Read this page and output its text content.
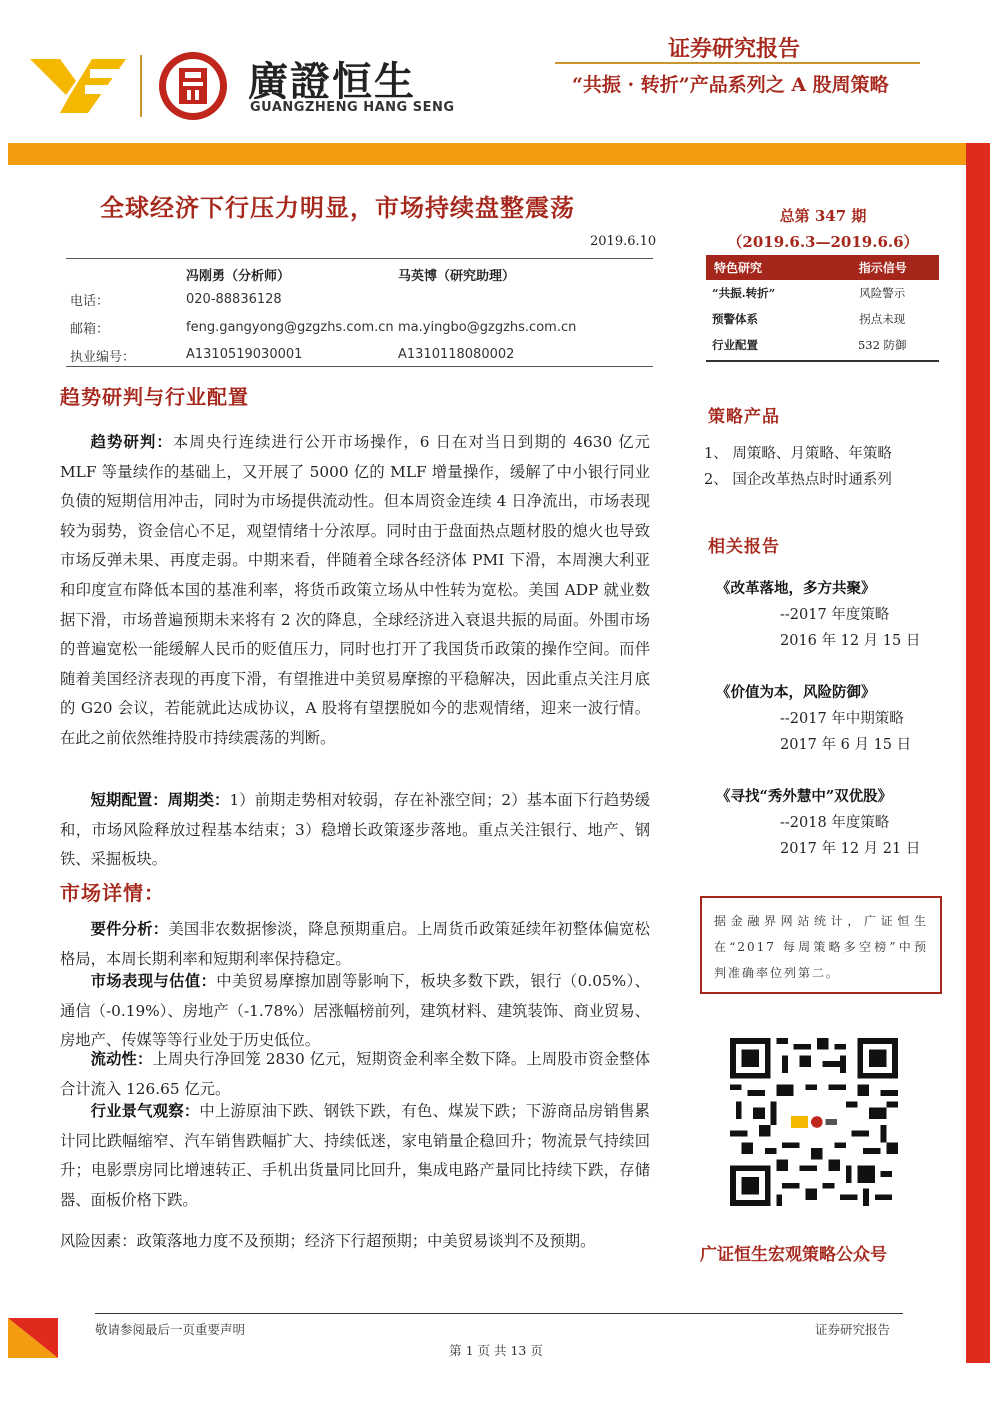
廣證恒生
GUANGZHENG HANG SENG
证券研究报告
“共振 · 转折”产品系列之 A 股周策略
全球经济下行压力明显，市场持续盘整震荡
2019.6.10
冯刚勇（分析师）	马英博（研究助理）
电话：	020-88836128
邮箱：	feng.gangyong@gzgzhs.com.cn ma.yingbo@gzgzhs.com.cn
执业编号：	A1310519030001	A1310118080002
趋势研判与行业配置
趋势研判：本周央行连续进行公开市场操作，6 日在对当日到期的 4630 亿元 MLF 等量续作的基础上，又开展了 5000 亿的 MLF 增量操作，缓解了中小银行同业负债的短期信用冲击，同时为市场提供流动性。但本周资金连续 4 日净流出，市场表现较为弱势，资金信心不足，观望情绪十分浓厚。同时由于盘面热点题材股的熄火也导致市场反弹未果、再度走弱。中期来看，伴随着全球各经济体 PMI 下滑，本周澳大利亚和印度宣布降低本国的基准利率，将货币政策立场从中性转为宽松。美国 ADP 就业数据下滑，市场普遍预期未来将有 2 次的降息，全球经济进入衰退共振的局面。外围市场的普遍宽松一能缓解人民币的贬值压力，同时也打开了我国货币政策的操作空间。而伴随着美国经济表现的再度下滑，有望推进中美贸易摩擦的平稳解决，因此重点关注月底的 G20 会议，若能就此达成协议，A 股将有望摆脱如今的悲观情绪，迎来一波行情。在此之前依然维持股市持续震荡的判断。
短期配置：周期类：1）前期走势相对较弱，存在补涨空间；2）基本面下行趋势缓和，市场风险释放过程基本结束；3）稳增长政策逐步落地。重点关注银行、地产、钢铁、采掘板块。
市场详情：
要件分析：美国非农数据惨淡，降息预期重启。上周货币政策延续年初整体偏宽松格局，本周长期利率和短期利率保持稳定。
市场表现与估值：中美贸易摩擦加剧等影响下，板块多数下跌，银行（0.05%）、通信（-0.19%）、房地产（-1.78%）居涨幅榜前列，建筑材料、建筑装饰、商业贸易、房地产、传媒等等行业处于历史低位。
流动性：上周央行净回笼 2830 亿元，短期资金利率全数下降。上周股市资金整体合计流入 126.65 亿元。
行业景气观察：中上游原油下跌、钢铁下跌，有色、煤炭下跌；下游商品房销售累计同比跌幅缩窄、汽车销售跌幅扩大、持续低迷，家电销量企稳回升；物流景气持续回升；电影票房同比增速转正、手机出货量同比回升，集成电路产量同比持续下跌，存储器、面板价格下跌。
风险因素：政策落地力度不及预期；经济下行超预期；中美贸易谈判不及预期。
总第 347 期
（2019.6.3—2019.6.6）
特色研究	指示信号
“共振.转折”	风险警示
预警体系	拐点未现
行业配置	532 防御
策略产品
1、 周策略、月策略、年策略
2、 国企改革热点时时通系列
相关报告
《改革落地，多方共聚》
--2017 年度策略
2016 年 12 月 15 日
《价值为本，风险防御》
--2017 年中期策略
2017 年 6 月 15 日
《寻找“秀外慧中”双优股》
--2018 年度策略
2017 年 12 月 21 日
据金融界网站统计，广证恒生在“2017 每周策略多空榜”中预判准确率位列第二。
广证恒生宏观策略公众号
敬请参阅最后一页重要声明	证券研究报告
第 1 页 共 13 页
